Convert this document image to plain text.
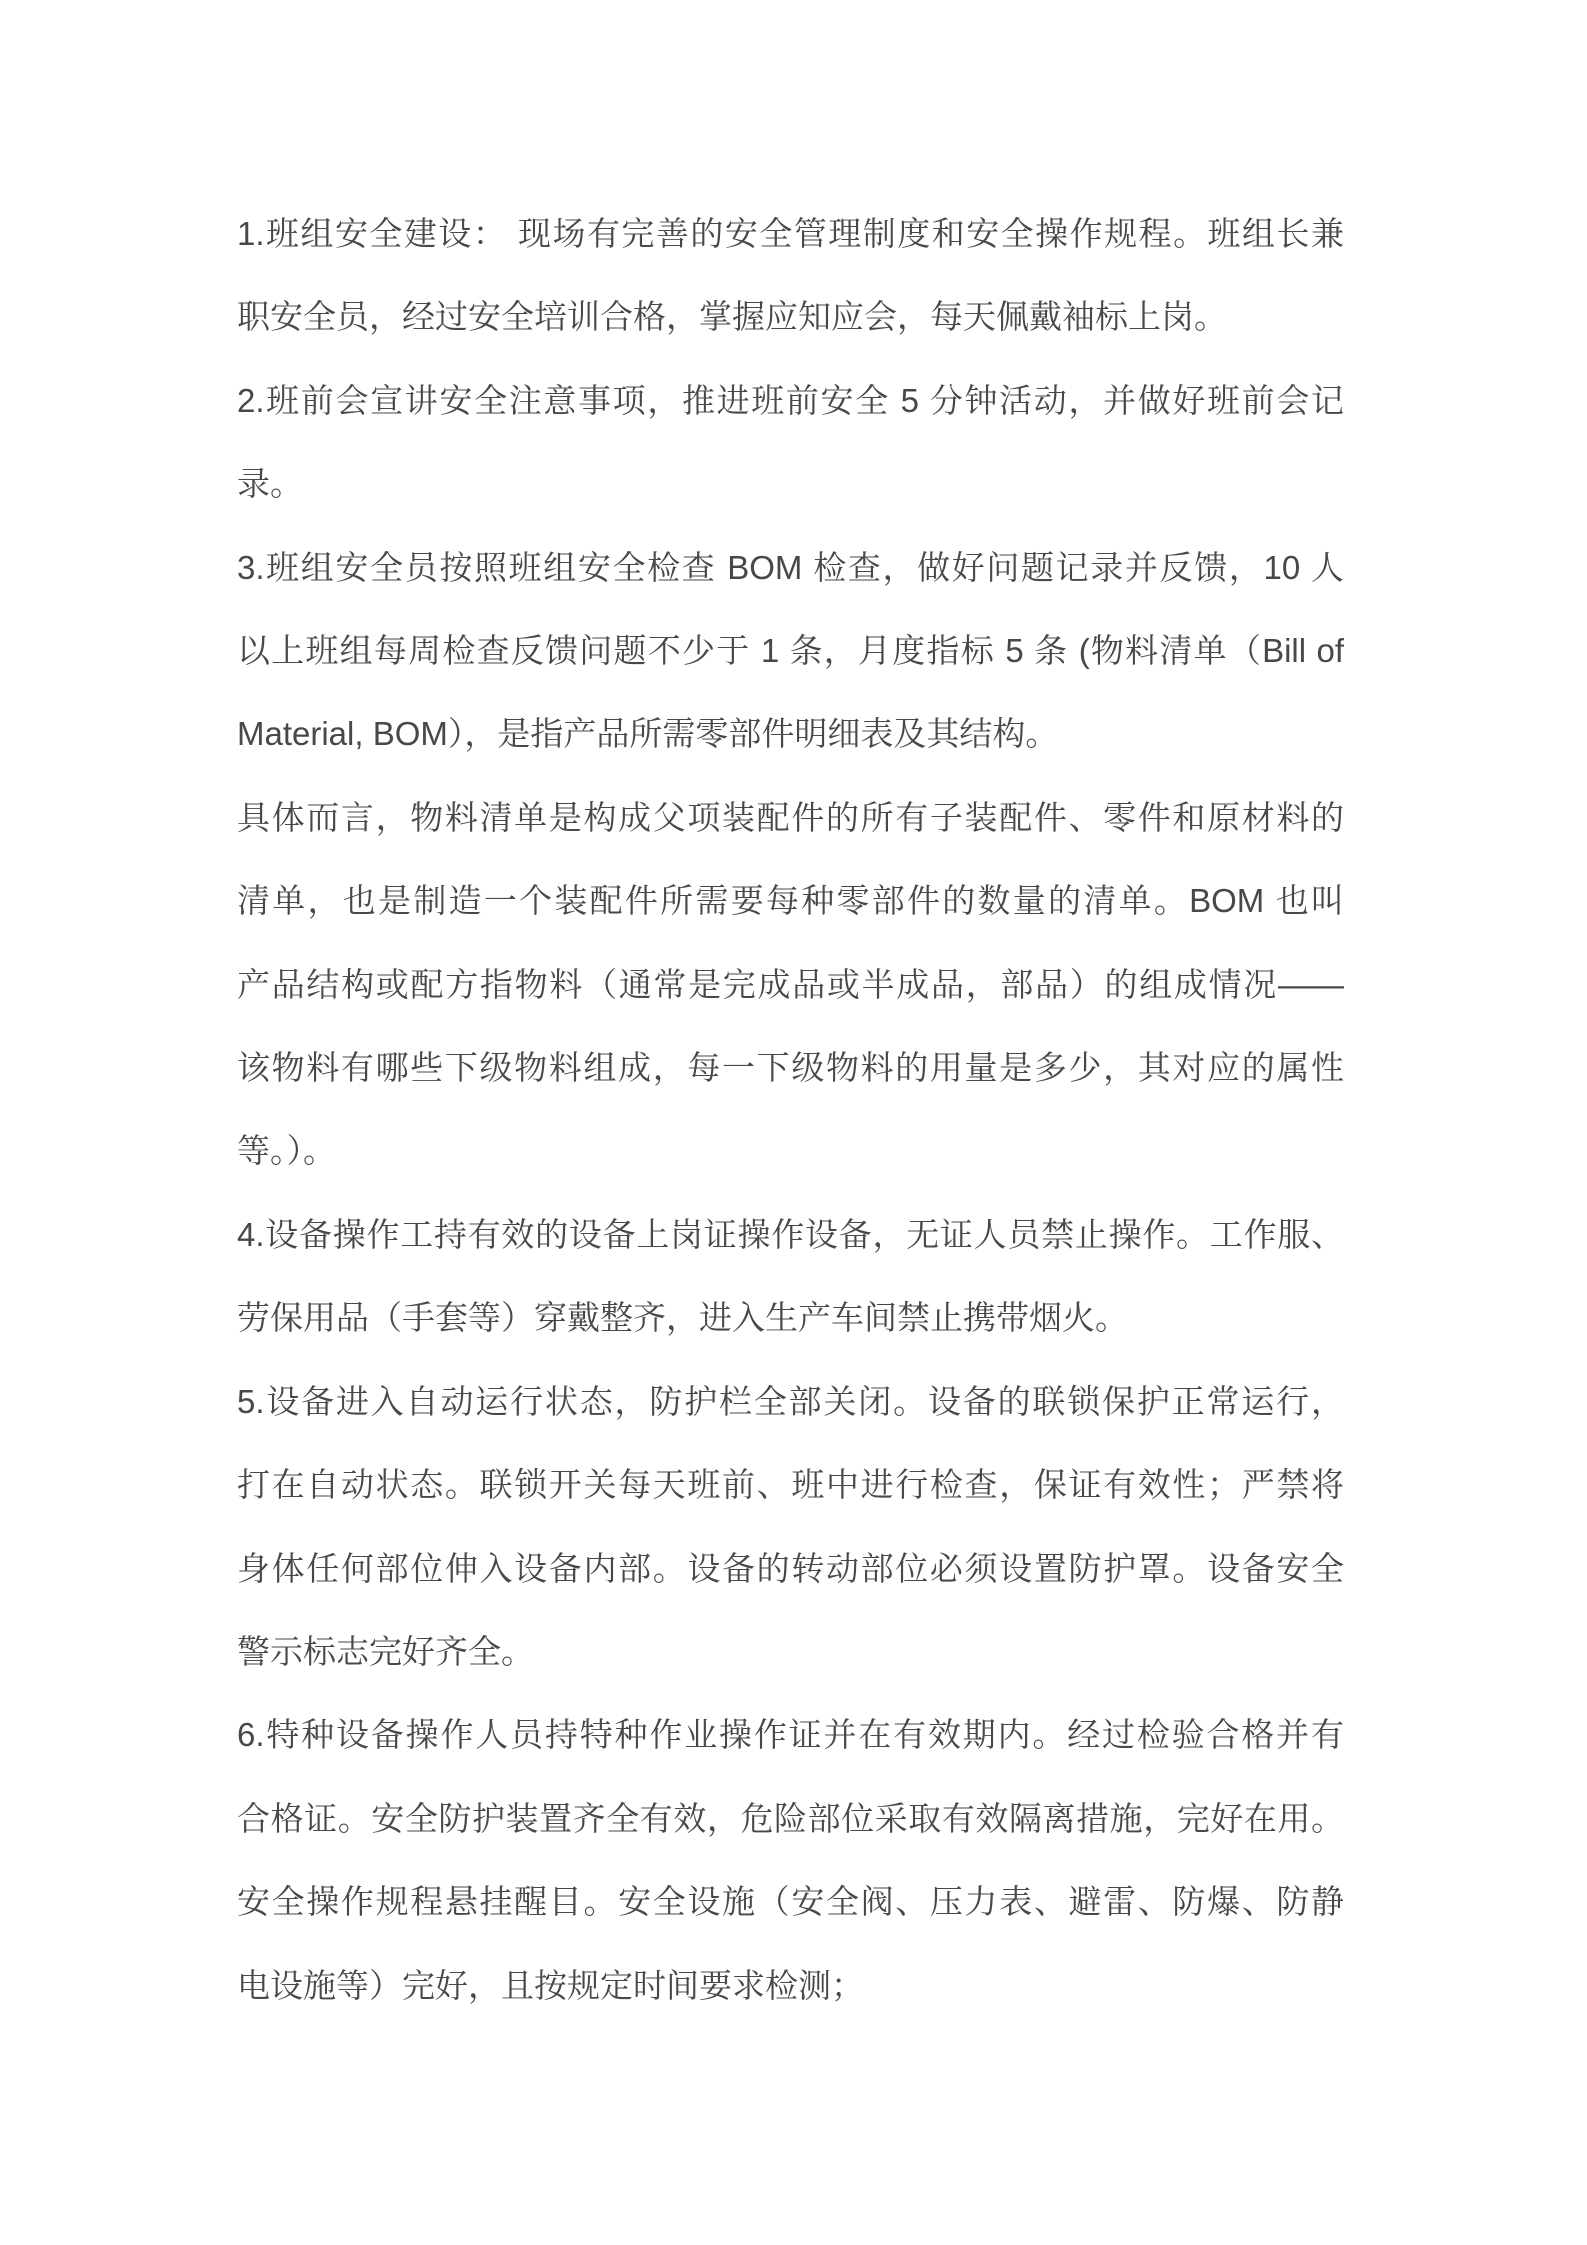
1.班组安全建设： 现场有完善的安全管理制度和安全操作规程。班组长兼
职安全员，经过安全培训合格，掌握应知应会，每天佩戴袖标上岗。
2.班前会宣讲安全注意事项，推进班前安全 5 分钟活动，并做好班前会记
录。
3.班组安全员按照班组安全检查 BOM 检查，做好问题记录并反馈，10 人
以上班组每周检查反馈问题不少于 1 条，月度指标 5 条 (物料清单（Bill of
Material, BOM），是指产品所需零部件明细表及其结构。
具体而言，物料清单是构成父项装配件的所有子装配件、零件和原材料的
清单，也是制造一个装配件所需要每种零部件的数量的清单。BOM 也叫
产品结构或配方指物料（通常是完成品或半成品，部品）的组成情况——
该物料有哪些下级物料组成，每一下级物料的用量是多少，其对应的属性
等。）。
4.设备操作工持有效的设备上岗证操作设备，无证人员禁止操作。工作服、
劳保用品（手套等）穿戴整齐，进入生产车间禁止携带烟火。
5.设备进入自动运行状态，防护栏全部关闭。设备的联锁保护正常运行，
打在自动状态。联锁开关每天班前、班中进行检查，保证有效性；严禁将
身体任何部位伸入设备内部。设备的转动部位必须设置防护罩。设备安全
警示标志完好齐全。
6.特种设备操作人员持特种作业操作证并在有效期内。经过检验合格并有
合格证。安全防护装置齐全有效，危险部位采取有效隔离措施，完好在用。
安全操作规程悬挂醒目。安全设施（安全阀、压力表、避雷、防爆、防静
电设施等）完好，且按规定时间要求检测；
